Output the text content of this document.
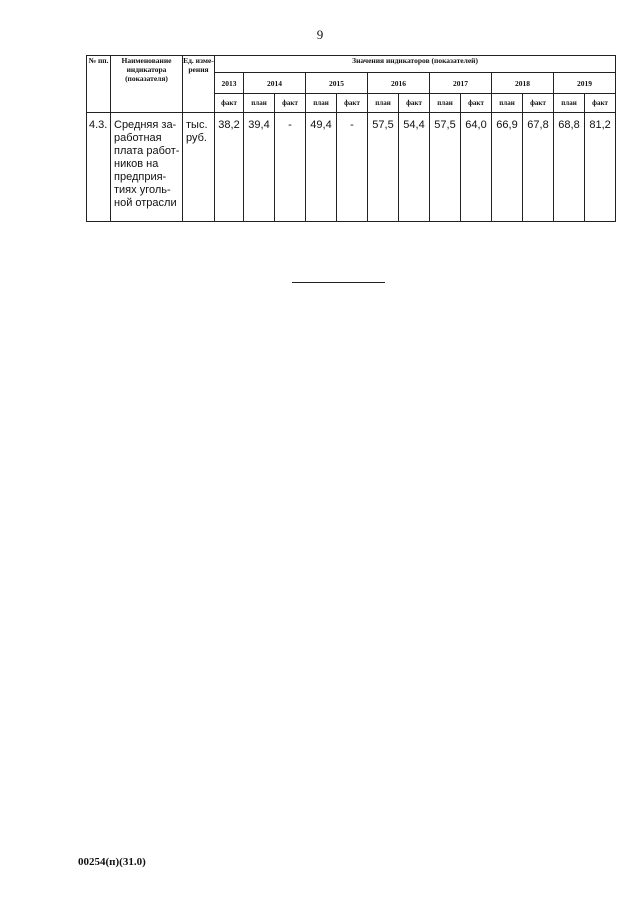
9
№ пп.	Наименование индикатора (показателя)	Ед. изме-рения	Значения индикаторов (показателей)												
			2013	2014		2015		2016		2017		2018		2019	
			факт	план	факт	план	факт	план	факт	план	факт	план	факт	план	факт
4.3.	Средняя за-работная плата работ-ников на предприя-тиях уголь-ной отрасли	тыс. руб.	38,2	39,4	-	49,4	-	57,5	54,4	57,5	64,0	66,9	67,8	68,8	81,2
00254(п)(31.0)
